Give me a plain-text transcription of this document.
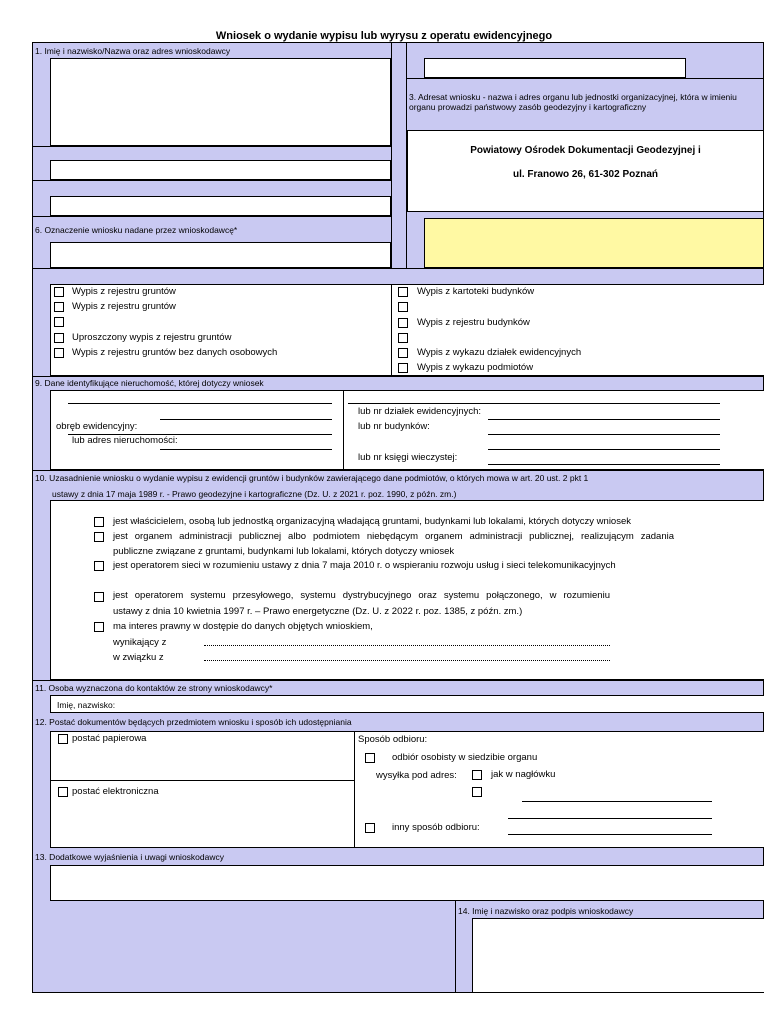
Wniosek o wydanie wypisu lub wyrysu z operatu ewidencyjnego
1. Imię i nazwisko/Nazwa oraz adres wnioskodawcy
6. Oznaczenie wniosku nadane przez wnioskodawcę*
3. Adresat wniosku - nazwa i adres organu lub jednostki organizacyjnej, która w imieniu organu prowadzi państwowy zasób geodezyjny i kartograficzny
Powiatowy Ośrodek Dokumentacji Geodezyjnej i
ul. Franowo 26, 61-302 Poznań
Wypis z rejestru gruntów
Wypis z rejestru gruntów
Uproszczony wypis z rejestru gruntów
Wypis z rejestru gruntów bez danych osobowych
Wypis z kartoteki budynków
Wypis z rejestru budynków
Wypis z wykazu działek ewidencyjnych
Wypis z wykazu podmiotów
9. Dane identyfikujące nieruchomość, której dotyczy wniosek
obręb ewidencyjny:
lub adres nieruchomości:
lub nr działek ewidencyjnych:
lub nr budynków:
lub nr księgi wieczystej:
10. Uzasadnienie wniosku o wydanie wypisu z ewidencji gruntów i budynków zawierającego dane podmiotów, o których mowa w art. 20 ust. 2 pkt 1
ustawy z dnia 17 maja 1989 r. - Prawo geodezyjne i kartograficzne (Dz. U. z 2021 r. poz. 1990, z późn. zm.)
jest właścicielem, osobą lub jednostką organizacyjną władającą gruntami, budynkami lub lokalami, których dotyczy wniosek
jest organem administracji publicznej albo podmiotem niebędącym organem administracji publicznej, realizującym zadania
publiczne związane z gruntami, budynkami lub lokalami, których dotyczy wniosek
jest operatorem sieci w rozumieniu ustawy z dnia 7 maja 2010 r. o wspieraniu rozwoju usług i sieci telekomunikacyjnych
jest operatorem systemu przesyłowego, systemu dystrybucyjnego oraz systemu połączonego, w rozumieniu
ustawy z dnia 10 kwietnia 1997 r. – Prawo energetyczne (Dz. U. z 2022 r. poz. 1385, z późn. zm.)
ma interes prawny w dostępie do danych objętych wnioskiem,
wynikający z
w związku z
11. Osoba wyznaczona do kontaktów ze strony wnioskodawcy*
Imię, nazwisko:
12. Postać dokumentów będących przedmiotem wniosku i sposób ich udostępniania
postać papierowa
postać elektroniczna
Sposób odbioru:
odbiór osobisty w siedzibie organu
wysyłka pod adres:	jak w nagłówku
inny sposób odbioru:
13. Dodatkowe wyjaśnienia i uwagi wnioskodawcy
14. Imię i nazwisko oraz podpis wnioskodawcy
